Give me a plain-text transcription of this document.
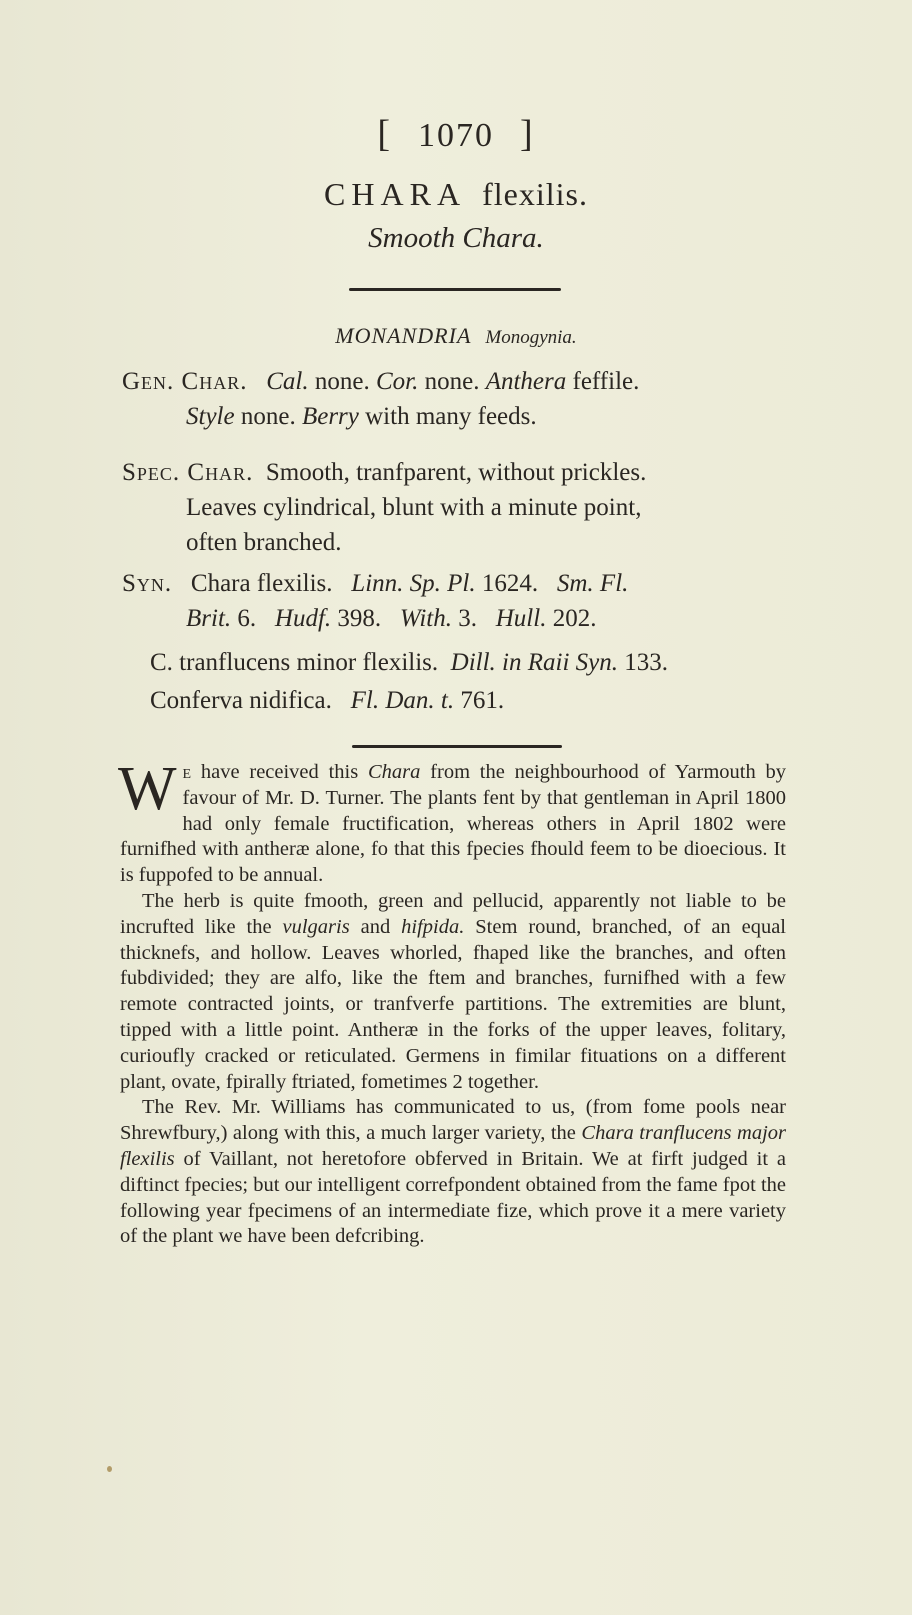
[ 1070 ]
CHARA flexilis.
Smooth Chara.
MONANDRIA Monogynia.
Gen. Char. Cal. none. Cor. none. Anthera feffile.
Style none. Berry with many feeds.
Spec. Char. Smooth, tranfparent, without prickles.
Leaves cylindrical, blunt with a minute point,
often branched.
Syn. Chara flexilis. Linn. Sp. Pl. 1624. Sm. Fl.
Brit. 6. Hudf. 398. With. 3. Hull. 202.
C. tranflucens minor flexilis. Dill. in Raii Syn. 133.
Conferva nidifica. Fl. Dan. t. 761.

We have received this Chara from the neighbourhood of Yarmouth by favour of Mr. D. Turner. The plants fent by that gentleman in April 1800 had only female fructification, whereas others in April 1802 were furnifhed with antheræ alone, fo that this fpecies fhould feem to be dioecious. It is fuppofed to be annual.

The herb is quite fmooth, green and pellucid, apparently not liable to be incrufted like the vulgaris and hifpida. Stem round, branched, of an equal thicknefs, and hollow. Leaves whorled, fhaped like the branches, and often fubdivided; they are alfo, like the ftem and branches, furnifhed with a few remote contracted joints, or tranfverfe partitions. The extremities are blunt, tipped with a little point. Antheræ in the forks of the upper leaves, folitary, curioufly cracked or reticulated. Germens in fimilar fituations on a different plant, ovate, fpirally ftriated, fometimes 2 together.

The Rev. Mr. Williams has communicated to us, (from fome pools near Shrewfbury,) along with this, a much larger variety, the Chara tranflucens major flexilis of Vaillant, not heretofore obferved in Britain. We at firft judged it a diftinct fpecies; but our intelligent correfpondent obtained from the fame fpot the following year fpecimens of an intermediate fize, which prove it a mere variety of the plant we have been defcribing.
